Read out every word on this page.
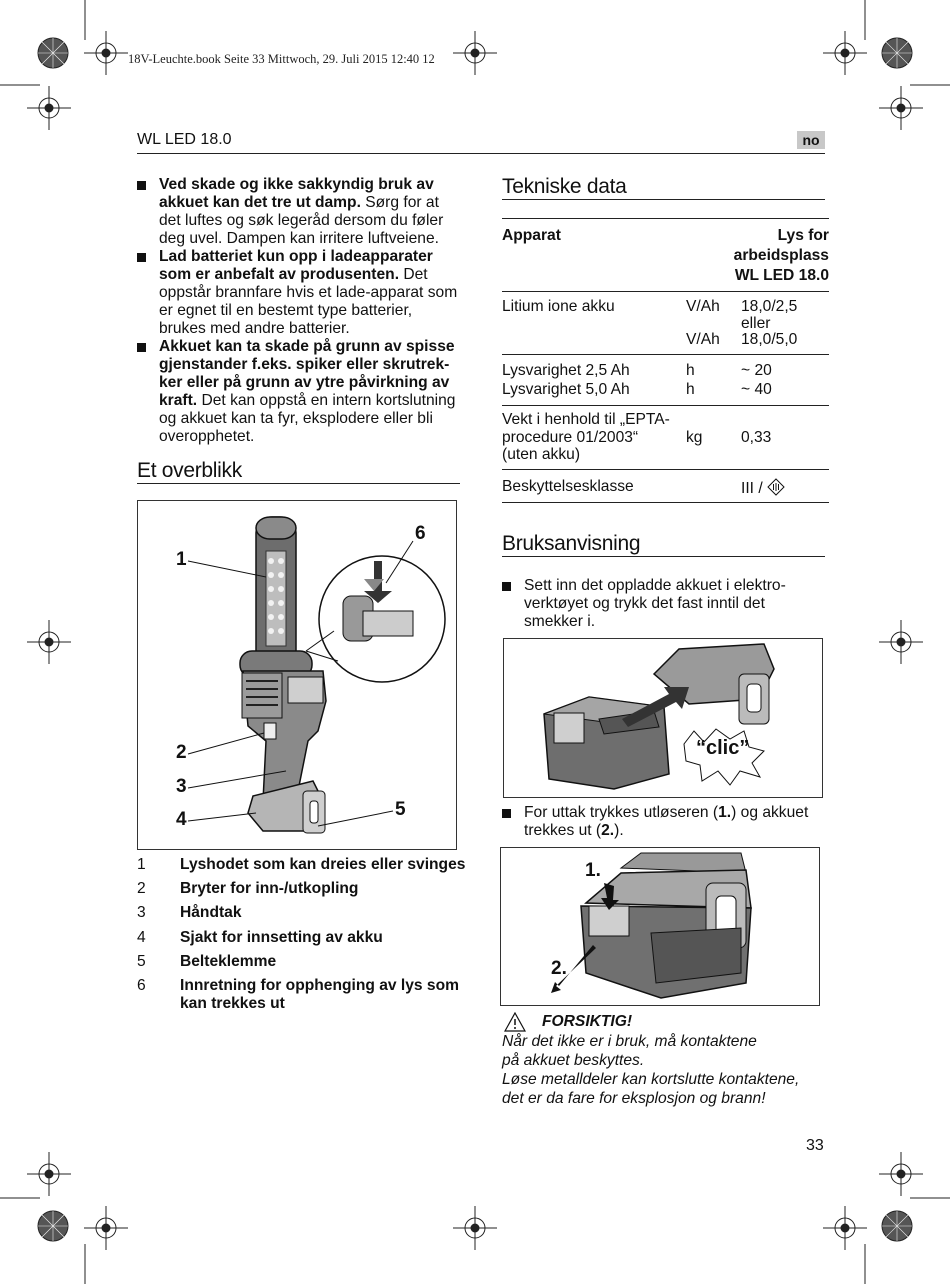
18V-Leuchte.book Seite 33 Mittwoch, 29. Juli 2015 12:40 12
WL LED 18.0	no
Ved skade og ikke sakkyndig bruk av akkuet kan det tre ut damp. Sørg for at det luftes og søk legeråd dersom du føler deg uvel. Dampen kan irritere luftveiene.
Lad batteriet kun opp i ladeapparater som er anbefalt av produsenten. Det oppstår brannfare hvis et lade-apparat som er egnet til en bestemt type batterier, brukes med andre batterier.
Akkuet kan ta skade på grunn av spisse gjenstander f.eks. spiker eller skrutrek-ker eller på grunn av ytre påvirkning av kraft. Det kan oppstå en intern kortslutning og akkuet kan ta fyr, eksplodere eller bli overopphetet.
Et overblikk
1
6
2
3
4	5
1 Lyshodet som kan dreies eller svinges
2 Bryter for inn-/utkopling
3 Håndtak
4 Sjakt for innsetting av akku
5 Belteklemme
6 Innretning for opphenging av lys som kan trekkes ut
Tekniske data
Apparat	Lys for
arbeidsplass
WL LED 18.0
Litium ione akku	V/Ah 18,0/2,5
eller
V/Ah 18,0/5,0
Lysvarighet 2,5 Ah	h	~ 20
Lysvarighet 5,0 Ah	h	~ 40
Vekt i henhold til „EPTA-
procedure 01/2003“
(uten akku)
kg 0,33
Beskyttelsesklasse	III /
Bruksanvisning
Sett inn det oppladde akkuet i elektro-verktøyet og trykk det fast inntil det smekker i.
“clic”
For uttak trykkes utløseren (1.) og akkuet trekkes ut (2.).
1.
2.
FORSIKTIG!
Når det ikke er i bruk, må kontaktene
på akkuet beskyttes.
Løse metalldeler kan kortslutte kontaktene,
det er da fare for eksplosjon og brann!
33
